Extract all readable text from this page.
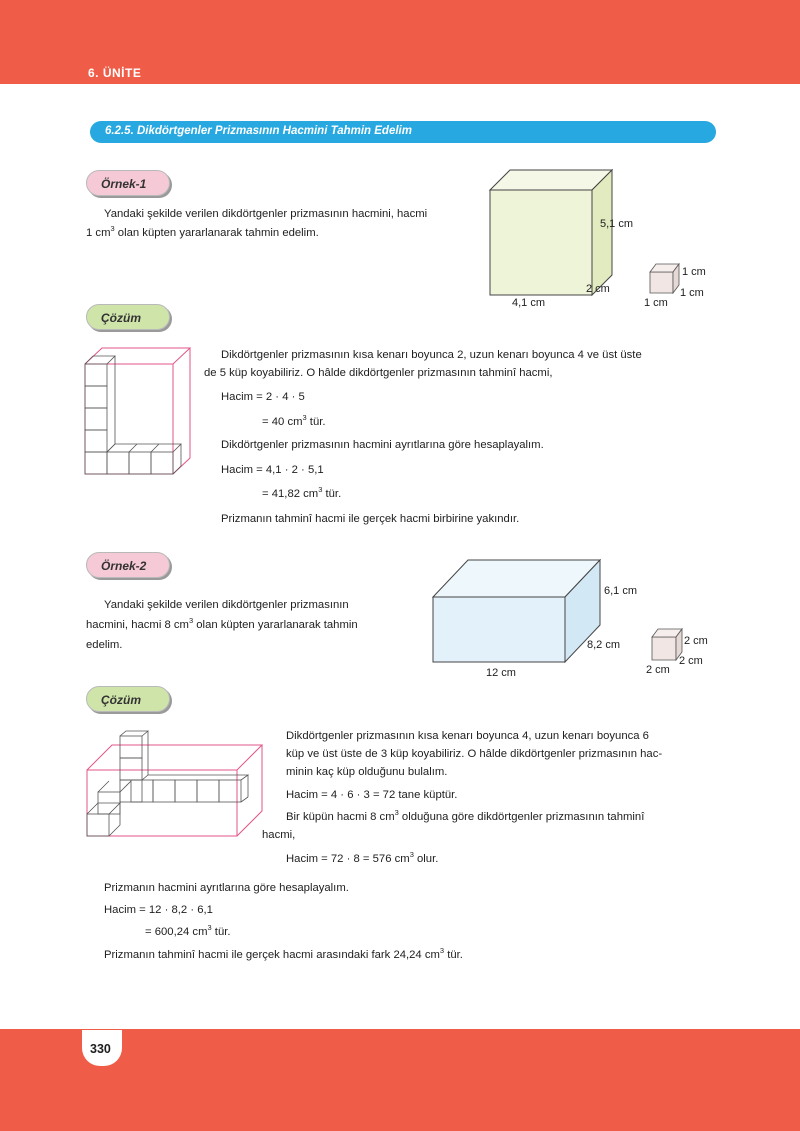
6. ÜNİTE
6.2.5. Dikdörtgenler Prizmasının Hacmini Tahmin Edelim
Örnek-1
Yandaki şekilde verilen dikdörtgenler prizmasının hacmini, hacmi
1 $cm^3$ olan küpten yararlanarak tahmin edelim.
5,1 cm
2 cm
4,1 cm
1 cm
1 cm
1 cm
Çözüm
Dikdörtgenler prizmasının kısa kenarı boyunca 2, uzun kenarı boyunca 4 ve üst üste
de 5 küp koyabiliriz. O hâlde dikdörtgenler prizmasının tahminî hacmi,
Hacim = 2 · 4 · 5
= 40 $cm^3$ tür.
Dikdörtgenler prizmasının hacmini ayrıtlarına göre hesaplayalım.
Hacim = 4,1 · 2 · 5,1
= 41,82 $cm^3$ tür.
Prizmanın tahminî hacmi ile gerçek hacmi birbirine yakındır.
Örnek-2
Yandaki şekilde verilen dikdörtgenler prizmasının
hacmini, hacmi 8 $cm^3$ olan küpten yararlanarak tahmin
edelim.
6,1 cm
8,2 cm
12 cm
2 cm
2 cm
2 cm
Çözüm
Dikdörtgenler prizmasının kısa kenarı boyunca 4, uzun kenarı boyunca 6
küp ve üst üste de 3 küp koyabiliriz. O hâlde dikdörtgenler prizmasının hac-
minin kaç küp olduğunu bulalım.
Hacim = 4 · 6 · 3 = 72 tane küptür.
Bir küpün hacmi 8 $cm^3$ olduğuna göre dikdörtgenler prizmasının tahminî
hacmi,
Hacim = 72 · 8 = 576 $cm^3$ olur.
Prizmanın hacmini ayrıtlarına göre hesaplayalım.
Hacim = 12 · 8,2 · 6,1
= 600,24 $cm^3$ tür.
Prizmanın tahminî hacmi ile gerçek hacmi arasındaki fark 24,24 $cm^3$ tür.
330
